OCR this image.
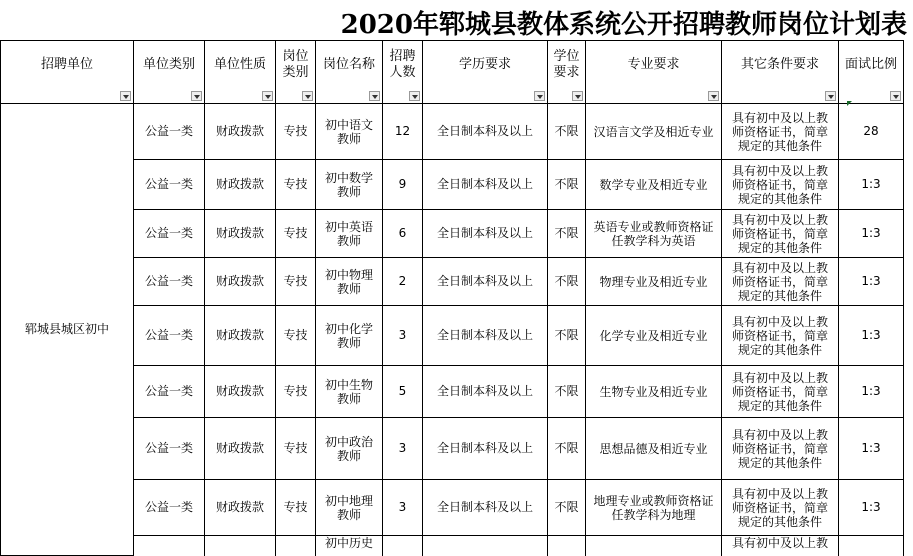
2020年郓城县教体系统公开招聘教师岗位计划表
招聘单位	单位类别	单位性质	岗位类别	岗位名称	招聘人数	学历要求	学位要求	专业要求	其它条件要求	面试比例

郓城县城区初中	公益一类	财政拨款	专技	初中语文教师	12	全日制本科及以上	不限	汉语言文学及相近专业	具有初中及以上教师资格证书，简章规定的其他条件	28
	公益一类	财政拨款	专技	初中数学教师	9	全日制本科及以上	不限	数学专业及相近专业	具有初中及以上教师资格证书，简章规定的其他条件	1:3
	公益一类	财政拨款	专技	初中英语教师	6	全日制本科及以上	不限	英语专业或教师资格证任教学科为英语	具有初中及以上教师资格证书，简章规定的其他条件	1:3
	公益一类	财政拨款	专技	初中物理教师	2	全日制本科及以上	不限	物理专业及相近专业	具有初中及以上教师资格证书，简章规定的其他条件	1:3
	公益一类	财政拨款	专技	初中化学教师	3	全日制本科及以上	不限	化学专业及相近专业	具有初中及以上教师资格证书，简章规定的其他条件	1:3
	公益一类	财政拨款	专技	初中生物教师	5	全日制本科及以上	不限	生物专业及相近专业	具有初中及以上教师资格证书，简章规定的其他条件	1:3
	公益一类	财政拨款	专技	初中政治教师	3	全日制本科及以上	不限	思想品德及相近专业	具有初中及以上教师资格证书，简章规定的其他条件	1:3
	公益一类	财政拨款	专技	初中地理教师	3	全日制本科及以上	不限	地理专业或教师资格证任教学科为地理	具有初中及以上教师资格证书，简章规定的其他条件	1:3
				初中历史					具有初中及以上教	
